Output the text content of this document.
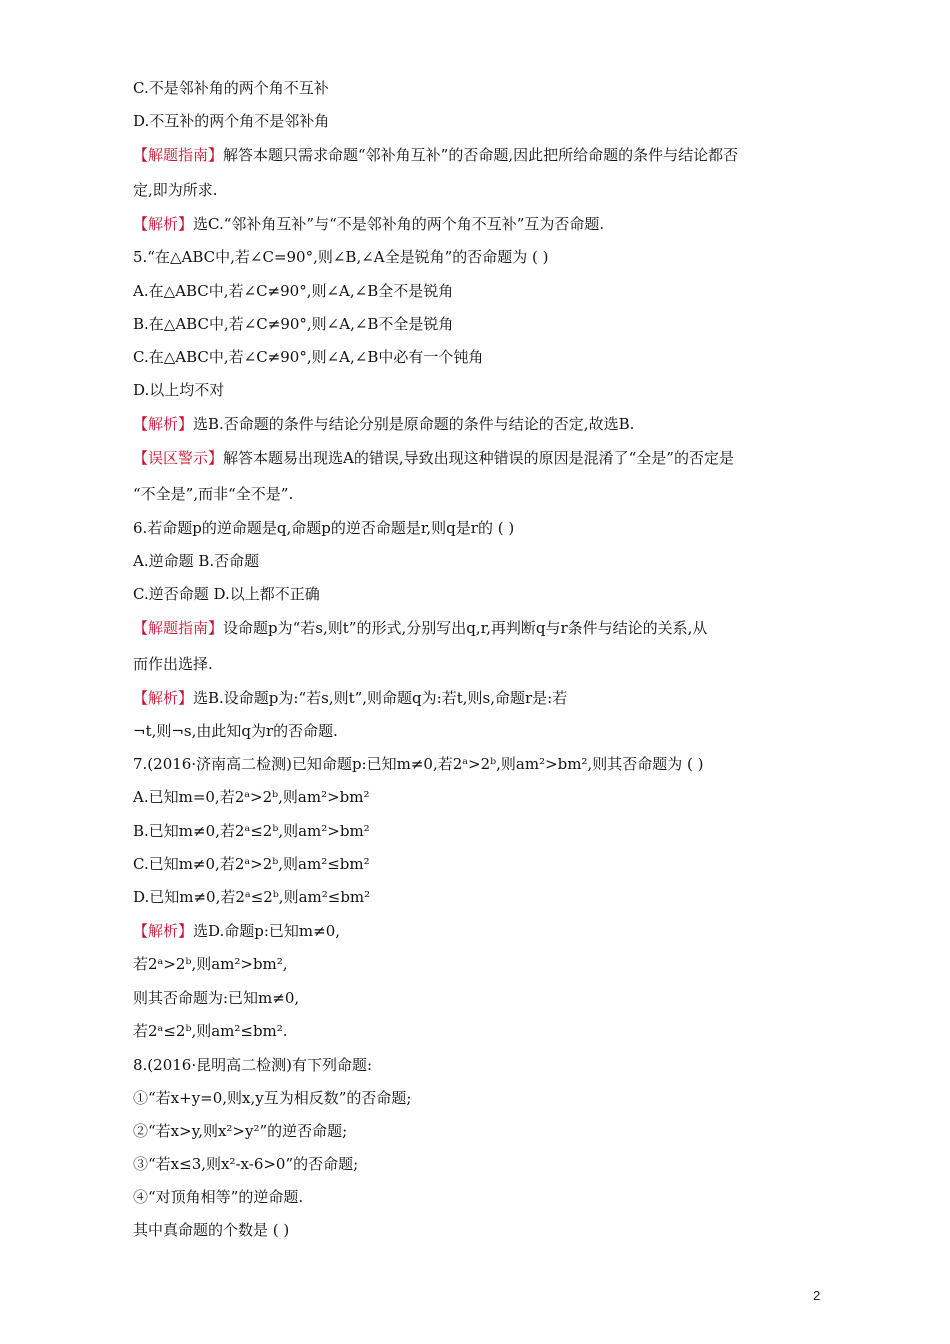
C.不是邻补角的两个角不互补
D.不互补的两个角不是邻补角
【解题指南】解答本题只需求命题“邻补角互补”的否命题,因此把所给命题的条件与结论都否
定,即为所求.
【解析】选C.“邻补角互补”与“不是邻补角的两个角不互补”互为否命题.
5.“在△ABC中,若∠C=90°,则∠B,∠A全是锐角”的否命题为 ( )
A.在△ABC中,若∠C≠90°,则∠A,∠B全不是锐角
B.在△ABC中,若∠C≠90°,则∠A,∠B不全是锐角
C.在△ABC中,若∠C≠90°,则∠A,∠B中必有一个钝角
D.以上均不对
【解析】选B.否命题的条件与结论分别是原命题的条件与结论的否定,故选B.
【误区警示】解答本题易出现选A的错误,导致出现这种错误的原因是混淆了“全是”的否定是
“不全是”,而非“全不是”.
6.若命题p的逆命题是q,命题p的逆否命题是r,则q是r的 ( )
A.逆命题 B.否命题
C.逆否命题 D.以上都不正确
【解题指南】设命题p为“若s,则t”的形式,分别写出q,r,再判断q与r条件与结论的关系,从
而作出选择.
【解析】选B.设命题p为:“若s,则t”,则命题q为:若t,则s,命题r是:若
¬t,则¬s,由此知q为r的否命题.
7.(2016·济南高二检测)已知命题p:已知m≠0,若2ᵃ>2ᵇ,则am²>bm²,则其否命题为 ( )
A.已知m=0,若2ᵃ>2ᵇ,则am²>bm²
B.已知m≠0,若2ᵃ≤2ᵇ,则am²>bm²
C.已知m≠0,若2ᵃ>2ᵇ,则am²≤bm²
D.已知m≠0,若2ᵃ≤2ᵇ,则am²≤bm²
【解析】选D.命题p:已知m≠0,
若2ᵃ>2ᵇ,则am²>bm²,
则其否命题为:已知m≠0,
若2ᵃ≤2ᵇ,则am²≤bm².
8.(2016·昆明高二检测)有下列命题:
①“若x+y=0,则x,y互为相反数”的否命题;
②“若x>y,则x²>y²”的逆否命题;
③“若x≤3,则x²-x-6>0”的否命题;
④“对顶角相等”的逆命题.
其中真命题的个数是 ( )
2
